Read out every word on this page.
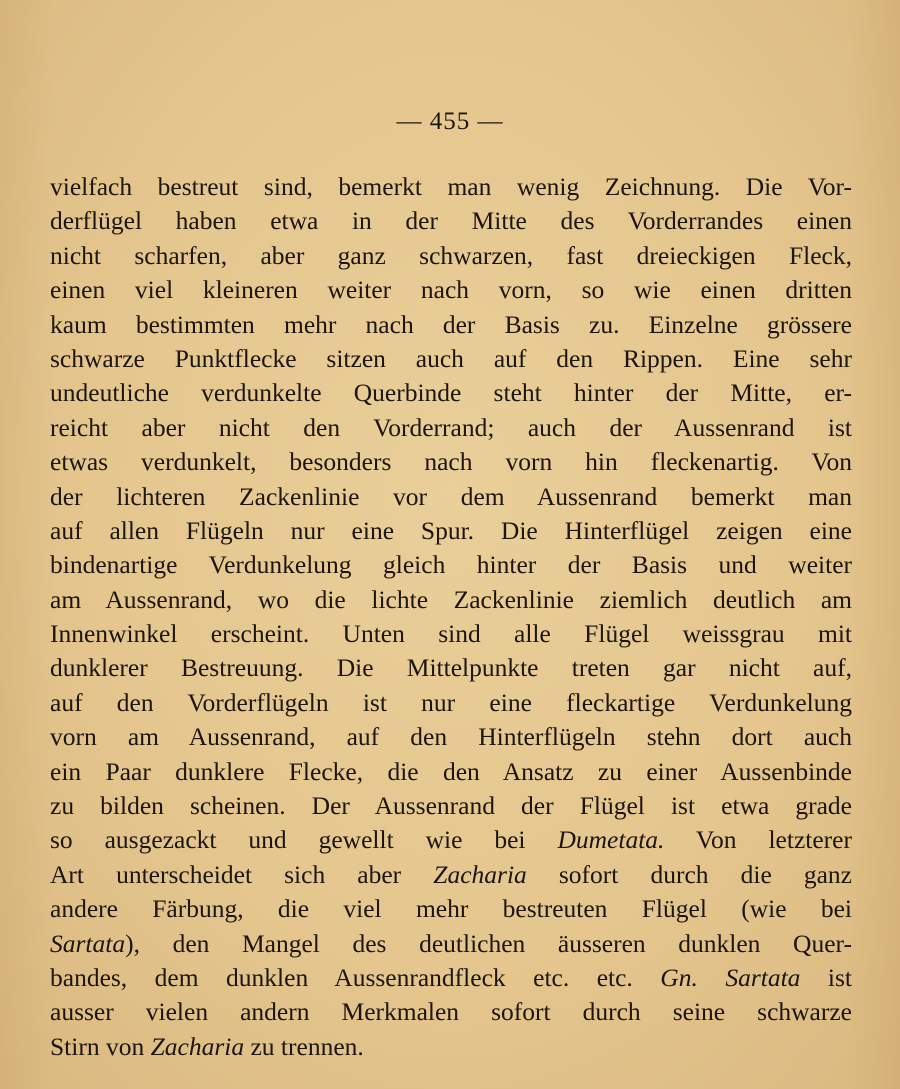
— 455 —
vielfach bestreut sind, bemerkt man wenig Zeichnung. Die Vor-
derflügel haben etwa in der Mitte des Vorderrandes einen
nicht scharfen, aber ganz schwarzen, fast dreieckigen Fleck,
einen viel kleineren weiter nach vorn, so wie einen dritten
kaum bestimmten mehr nach der Basis zu. Einzelne grössere
schwarze Punktflecke sitzen auch auf den Rippen. Eine sehr
undeutliche verdunkelte Querbinde steht hinter der Mitte, er-
reicht aber nicht den Vorderrand; auch der Aussenrand ist
etwas verdunkelt, besonders nach vorn hin fleckenartig. Von
der lichteren Zackenlinie vor dem Aussenrand bemerkt man
auf allen Flügeln nur eine Spur. Die Hinterflügel zeigen eine
bindenartige Verdunkelung gleich hinter der Basis und weiter
am Aussenrand, wo die lichte Zackenlinie ziemlich deutlich am
Innenwinkel erscheint. Unten sind alle Flügel weissgrau mit
dunklerer Bestreuung. Die Mittelpunkte treten gar nicht auf,
auf den Vorderflügeln ist nur eine fleckartige Verdunkelung
vorn am Aussenrand, auf den Hinterflügeln stehn dort auch
ein Paar dunklere Flecke, die den Ansatz zu einer Aussenbinde
zu bilden scheinen. Der Aussenrand der Flügel ist etwa grade
so ausgezackt und gewellt wie bei Dumetata. Von letzterer
Art unterscheidet sich aber Zacharia sofort durch die ganz
andere Färbung, die viel mehr bestreuten Flügel (wie bei
Sartata), den Mangel des deutlichen äusseren dunklen Quer-
bandes, dem dunklen Aussenrandfleck etc. etc. Gn. Sartata ist
ausser vielen andern Merkmalen sofort durch seine schwarze
Stirn von Zacharia zu trennen.
